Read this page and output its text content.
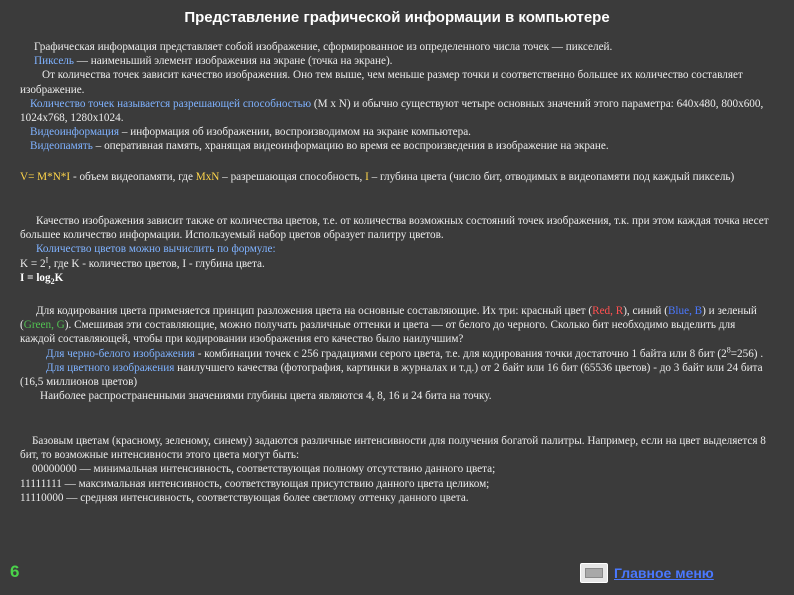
Представление графической информации в компьютере

Графическая информация представляет собой изображение, сформированное из определенного числа точек — пикселей.

Пиксель — наименьший элемент изображения на экране (точка на экране).

От количества точек зависит качество изображения. Оно тем выше, чем меньше размер точки и соответственно большее их количество составляет изображение.

Количество точек называется разрешающей способностью (M x N) и обычно существуют четыре основных значений этого параметра: 640x480, 800x600, 1024x768, 1280x1024.

Видеоинформация – информация об изображении, воспроизводимом на экране компьютера.

Видеопамять – оперативная память, хранящая видеоинформацию во время ее воспроизведения в изображение на экране.

V= M*N*I - объем видеопамяти, где MxN – разрешающая способность, I – глубина цвета (число бит, отводимых в видеопамяти под каждый пиксель)

Качество изображения зависит также от количества цветов, т.е. от количества возможных состояний точек изображения, т.к. при этом каждая точка несет большее количество информации. Используемый набор цветов образует палитру цветов.

Количество цветов можно вычислить по формуле:

$K = 2^I$, где K - количество цветов, I - глубина цвета.

$I = \log_2K$

Для кодирования цвета применяется принцип разложения цвета на основные составляющие. Их три: красный цвет (Red, R), синий (Blue, B) и зеленый (Green, G). Смешивая эти составляющие, можно получать различные оттенки и цвета — от белого до черного. Сколько бит необходимо выделить для каждой составляющей, чтобы при кодировании изображения его качество было наилучшим?

Для черно-белого изображения - комбинации точек с 256 градациями серого цвета, т.е. для кодирования точки достаточно 1 байта или 8 бит $(2^8=256)$ .

Для цветного изображения наилучшего качества (фотография, картинки в журналах и т.д.) от 2 байт или 16 бит (65536 цветов) - до 3 байт или 24 бита (16,5 миллионов цветов)

Наиболее распространенными значениями глубины цвета являются 4, 8, 16 и 24 бита на точку.

Базовым цветам (красному, зеленому, синему) задаются различные интенсивности для получения богатой палитры. Например, если на цвет выделяется 8 бит, то возможные интенсивности этого цвета могут быть:

00000000 — минимальная интенсивность, соответствующая полному отсутствию данного цвета;

11111111 — максимальная интенсивность, соответствующая присутствию данного цвета целиком;

11110000 — средняя интенсивность, соответствующая более светлому оттенку данного цвета.

6	Главное меню
